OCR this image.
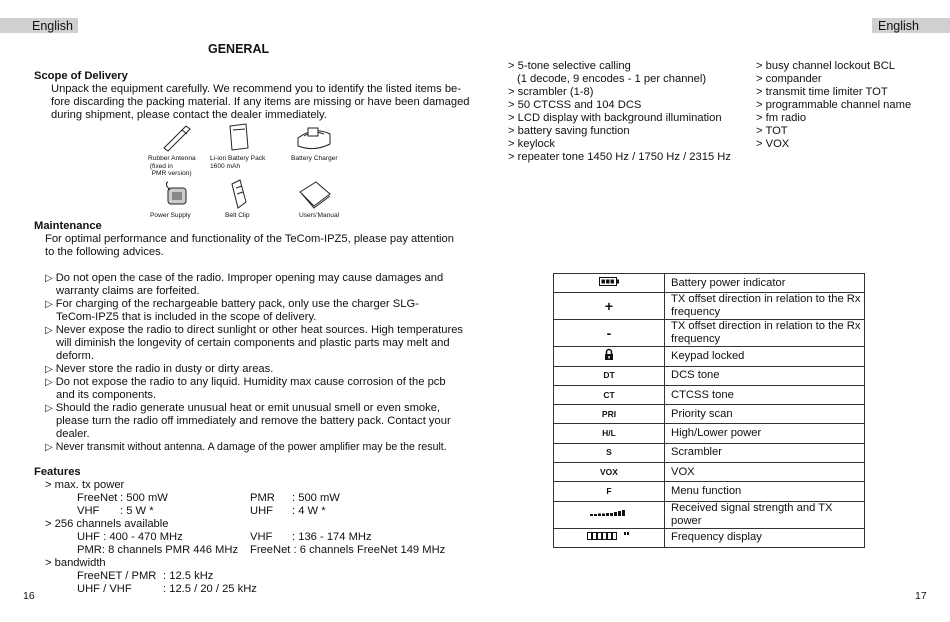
English	English
GENERAL
Scope of Delivery
Unpack the equipment carefully. We recommend you to identify the listed items be-
fore discarding the packing material. If any items are missing or have been damaged
during shipment, please contact the dealer immediately.
Rubber Antenna
(fixed in
PMR version)
Li-ion Battery Pack
1600 mAh
Battery Charger
Power Supply	Belt Clip	Users'Manual
Maintenance
For optimal performance and functionality of the TeCom-IPZ5, please pay attention
to the following advices.
▷ Do not open the case of the radio. Improper opening may cause damages and
warranty claims are forfeited.
▷ For charging of the rechargeable battery pack, only use the charger SLG-
TeCom-IPZ5 that is included in the scope of delivery.
▷ Never expose the radio to direct sunlight or other heat sources. High temperatures
will diminish the longevity of certain components and plastic parts may melt and
deform.
▷ Never store the radio in dusty or dirty areas.
▷ Do not expose the radio to any liquid. Humidity max cause corrosion of the pcb
and its components.
▷ Should the radio generate unusual heat or emit unusual smell or even smoke,
please turn the radio off immediately and remove the battery pack. Contact your
dealer.
▷ Never transmit without antenna. A damage of the power amplifier may be the result.
Features
> max. tx power
FreeNet : 500 mW	PMR : 500 mW
VHF : 5 W *	UHF : 4 W *
> 256 channels available
UHF : 400 - 470 MHz	VHF : 136 - 174 MHz
PMR: 8 channels PMR 446 MHz FreeNet : 6 channels FreeNet 149 MHz
> bandwidth
FreeNET / PMR : 12.5 kHz
UHF / VHF	: 12.5 / 20 / 25 kHz
16
> 5-tone selective calling
(1 decode, 9 encodes - 1 per channel)
> scrambler (1-8)
> 50 CTCSS and 104 DCS
> LCD display with background illumination
> battery saving function
> keylock
> repeater tone 1450 Hz / 1750 Hz / 2315 Hz
> busy channel lockout BCL
> compander
> transmit time limiter TOT
> programmable channel name
> fm radio
> TOT
> VOX
	Battery power indicator
+	TX offset direction in relation to the Rx frequency
-	TX offset direction in relation to the Rx frequency
	Keypad locked
DT	DCS tone
CT	CTCSS tone
PRI	Priority scan
H/L	High/Lower power
S	Scrambler
VOX	VOX
F	Menu function
	Received signal strength and TX power
	Frequency display
17
